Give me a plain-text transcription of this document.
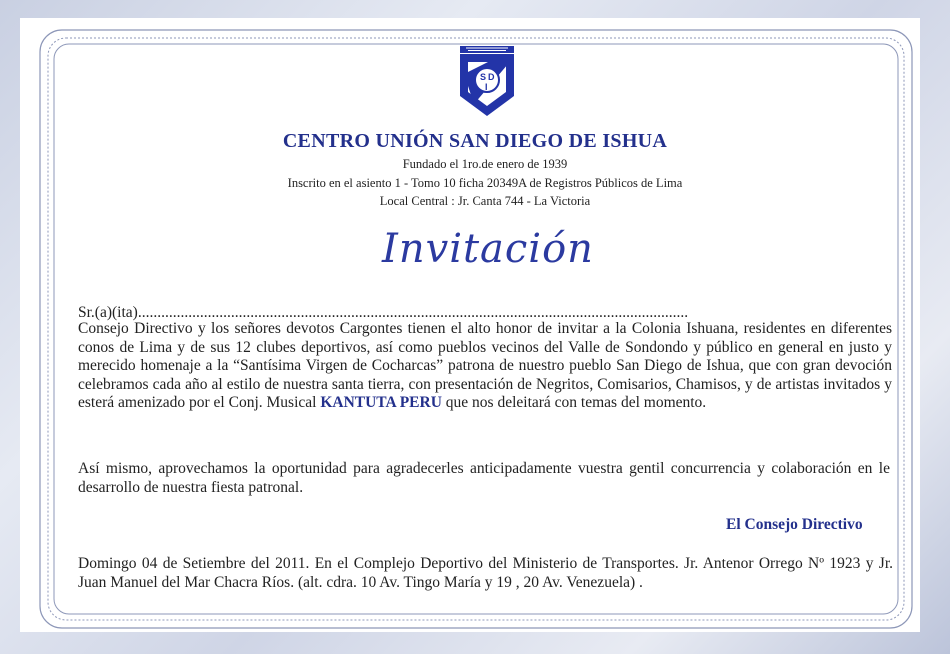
S D
I
CENTRO UNIÓN SAN DIEGO DE ISHUA
Fundado el 1ro.de enero de 1939
Inscrito en el asiento 1 - Tomo 10 ficha 20349A de Registros Públicos de Lima
Local Central : Jr. Canta 744 - La Victoria
Invitación
Sr.(a)(ita)..............................................................................................................................................
Consejo Directivo y los señores devotos Cargontes tienen el alto honor de invitar a la Colonia Ishuana, residentes en diferentes conos de Lima y de sus 12 clubes deportivos, así como pueblos vecinos del Valle de Sondondo y público en general en justo y merecido homenaje a la “Santísima Virgen de Cocharcas” patrona de nuestro pueblo San Diego de Ishua, que con gran devoción celebramos cada año al estilo de nuestra santa tierra, con presentación de Negritos, Comisarios, Chamisos, y de artistas invitados y esterá amenizado por el Conj. Musical KANTUTA PERU que nos deleitará con temas del momento.
Así mismo, aprovechamos la oportunidad para agradecerles anticipadamente vuestra gentil concurrencia y colaboración en le desarrollo de nuestra fiesta patronal.
El Consejo Directivo
Domingo 04 de Setiembre del 2011. En el Complejo Deportivo del Ministerio de Transportes. Jr. Antenor Orrego Nº 1923 y Jr. Juan Manuel del Mar Chacra Ríos. (alt. cdra. 10 Av. Tingo María y 19 , 20 Av. Venezuela) .
